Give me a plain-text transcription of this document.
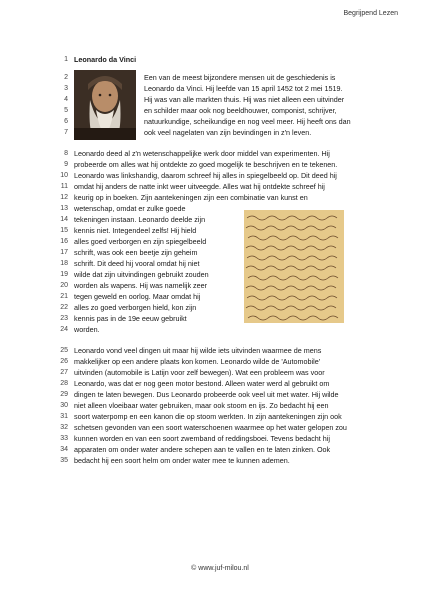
Begrijpend Lezen
1 Leonardo da Vinci
2	Een van de meest bijzondere mensen uit de geschiedenis is
3	Leonardo da Vinci. Hij leefde van 15 april 1452 tot 2 mei 1519.
4	Hij was van alle markten thuis. Hij was niet alleen een uitvinder
5	en schilder maar ook nog beeldhouwer, componist, schrijver,
6	natuurkundige, scheikundige en nog veel meer. Hij heeft ons dan
7	ook veel nagelaten van zijn bevindingen in z'n leven.
8 Leonardo deed al z'n wetenschappelijke werk door middel van experimenten. Hij
9 probeerde om alles wat hij ontdekte zo goed mogelijk te beschrijven en te tekenen.
10 Leonardo was linkshandig, daarom schreef hij alles in spiegelbeeld op. Dit deed hij
11 omdat hij anders de natte inkt weer uitveegde. Alles wat hij ontdekte schreef hij
12 keurig op in boeken. Zijn aantekeningen zijn een combinatie van kunst en
13 wetenschap, omdat er zulke goede
14 tekeningen instaan. Leonardo deelde zijn
15 kennis niet. Integendeel zelfs! Hij hield
16 alles goed verborgen en zijn spiegelbeeld
17 schrift, was ook een beetje zijn geheim
18 schrift. Dit deed hij vooral omdat hij niet
19 wilde dat zijn uitvindingen gebruikt zouden
20 worden als wapens. Hij was namelijk zeer
21 tegen geweld en oorlog. Maar omdat hij
22 alles zo goed verborgen hield, kon zijn
23 kennis pas in de 19e eeuw gebruikt
24 worden.
25 Leonardo vond veel dingen uit maar hij wilde iets uitvinden waarmee de mens
26 makkelijker op een andere plaats kon komen. Leonardo wilde de 'Automobile'
27 uitvinden (automobile is Latijn voor zelf bewegen). Wat een probleem was voor
28 Leonardo, was dat er nog geen motor bestond. Alleen water werd al gebruikt om
29 dingen te laten bewegen. Dus Leonardo probeerde ook veel uit met water. Hij wilde
30 niet alleen vloeibaar water gebruiken, maar ook stoom en ijs. Zo bedacht hij een
31 soort waterpomp en een kanon die op stoom werkten. In zijn aantekeningen zijn ook
32 schetsen gevonden van een soort waterschoenen waarmee op het water gelopen zou
33 kunnen worden en van een soort zwemband of reddingsboei. Tevens bedacht hij
34 apparaten om onder water andere schepen aan te vallen en te laten zinken. Ook
35 bedacht hij een soort helm om onder water mee te kunnen ademen.
© www.juf-milou.nl
